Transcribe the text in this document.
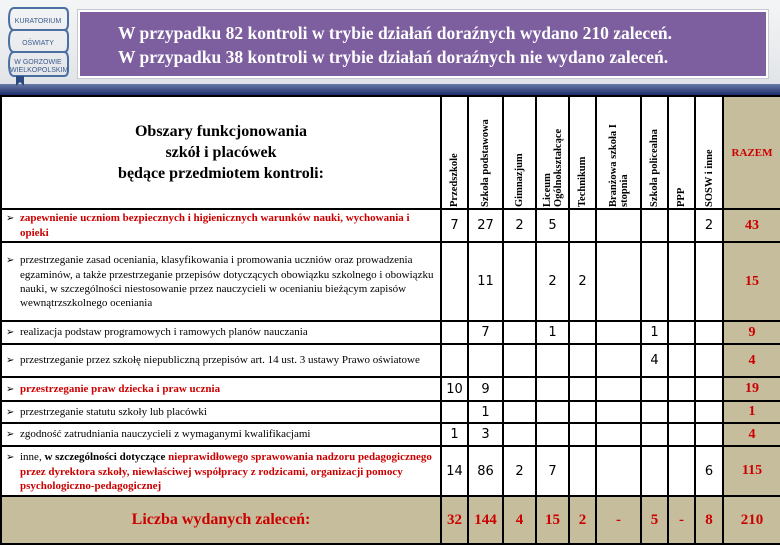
KURATORIUM
OŚWIATY
W GORZOWIE
WIELKOPOLSKIM
W przypadku 82 kontroli w trybie działań doraźnych wydano 210 zaleceń.
W przypadku 38 kontroli w trybie działań doraźnych nie wydano zaleceń.
Obszary funkcjonowania
szkół i placówek
będące przedmiotem kontroli:	Przedszkole	Szkoła podstawowa	Gimnazjum	Liceum Ogólnokształcące	Technikum	Branżowa szkoła I stopnia	Szkoła policealna	PPP	SOSW i inne	RAZEM
➢ zapewnienie uczniom bezpiecznych i higienicznych warunków nauki, wychowania i opieki	7	27	2	5					2	43
➢ przestrzeganie zasad oceniania, klasyfikowania i promowania uczniów oraz prowadzenia egzaminów, a także przestrzeganie przepisów dotyczących obowiązku szkolnego i obowiązku nauki, w szczególności niestosowanie przez nauczycieli w ocenianiu bieżącym zapisów wewnątrzszkolnego oceniania		11		2	2					15
➢ realizacja podstaw programowych i ramowych planów nauczania		7		1			1			9
➢ przestrzeganie przez szkołę niepubliczną przepisów art. 14 ust. 3 ustawy Prawo oświatowe							4			4
➢ przestrzeganie praw dziecka i praw ucznia	10	9								19
➢ przestrzeganie statutu szkoły lub placówki		1								1
➢ zgodność zatrudniania nauczycieli z wymaganymi kwalifikacjami	1	3								4
➢ inne, w szczególności dotyczące nieprawidłowego sprawowania nadzoru pedagogicznego przez dyrektora szkoły, niewłaściwej współpracy z rodzicami, organizacji pomocy psychologiczno-pedagogicznej	14	86	2	7					6	115
Liczba wydanych zaleceń:	32	144	4	15	2	-	5	-	8	210
